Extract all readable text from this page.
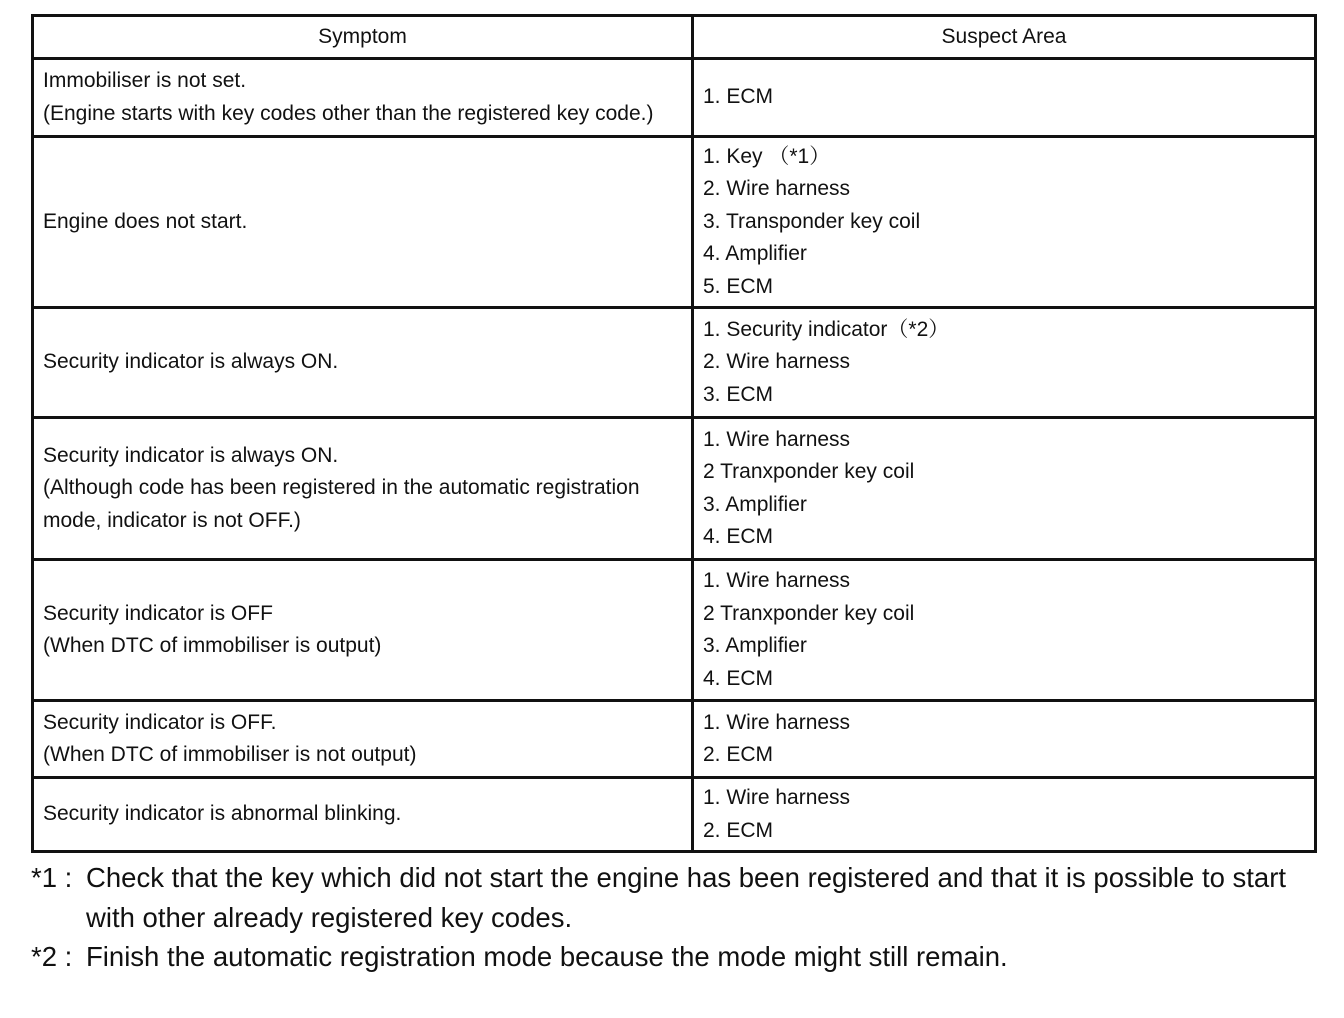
Symptom	Suspect Area

Immobiliser is not set.
(Engine starts with key codes other than the registered key code.)	1. ECM

Engine does not start.	1. Key （*1）
2. Wire harness
3. Transponder key coil
4. Amplifier
5. ECM

Security indicator is always ON.	1. Security indicator（*2）
2. Wire harness
3. ECM

Security indicator is always ON.
(Although code has been registered in the automatic registration
mode, indicator is not OFF.)	1. Wire harness
2 Tranxponder key coil
3. Amplifier
4. ECM

Security indicator is OFF
(When DTC of immobiliser is output)	1. Wire harness
2 Tranxponder key coil
3. Amplifier
4. ECM

Security indicator is OFF.
(When DTC of immobiliser is not output)	1. Wire harness
2. ECM

Security indicator is abnormal blinking.	1. Wire harness
2. ECM
*1 : Check that the key which did not start the engine has been registered and that it is possible to start with other already registered key codes.
*2 : Finish the automatic registration mode because the mode might still remain.
